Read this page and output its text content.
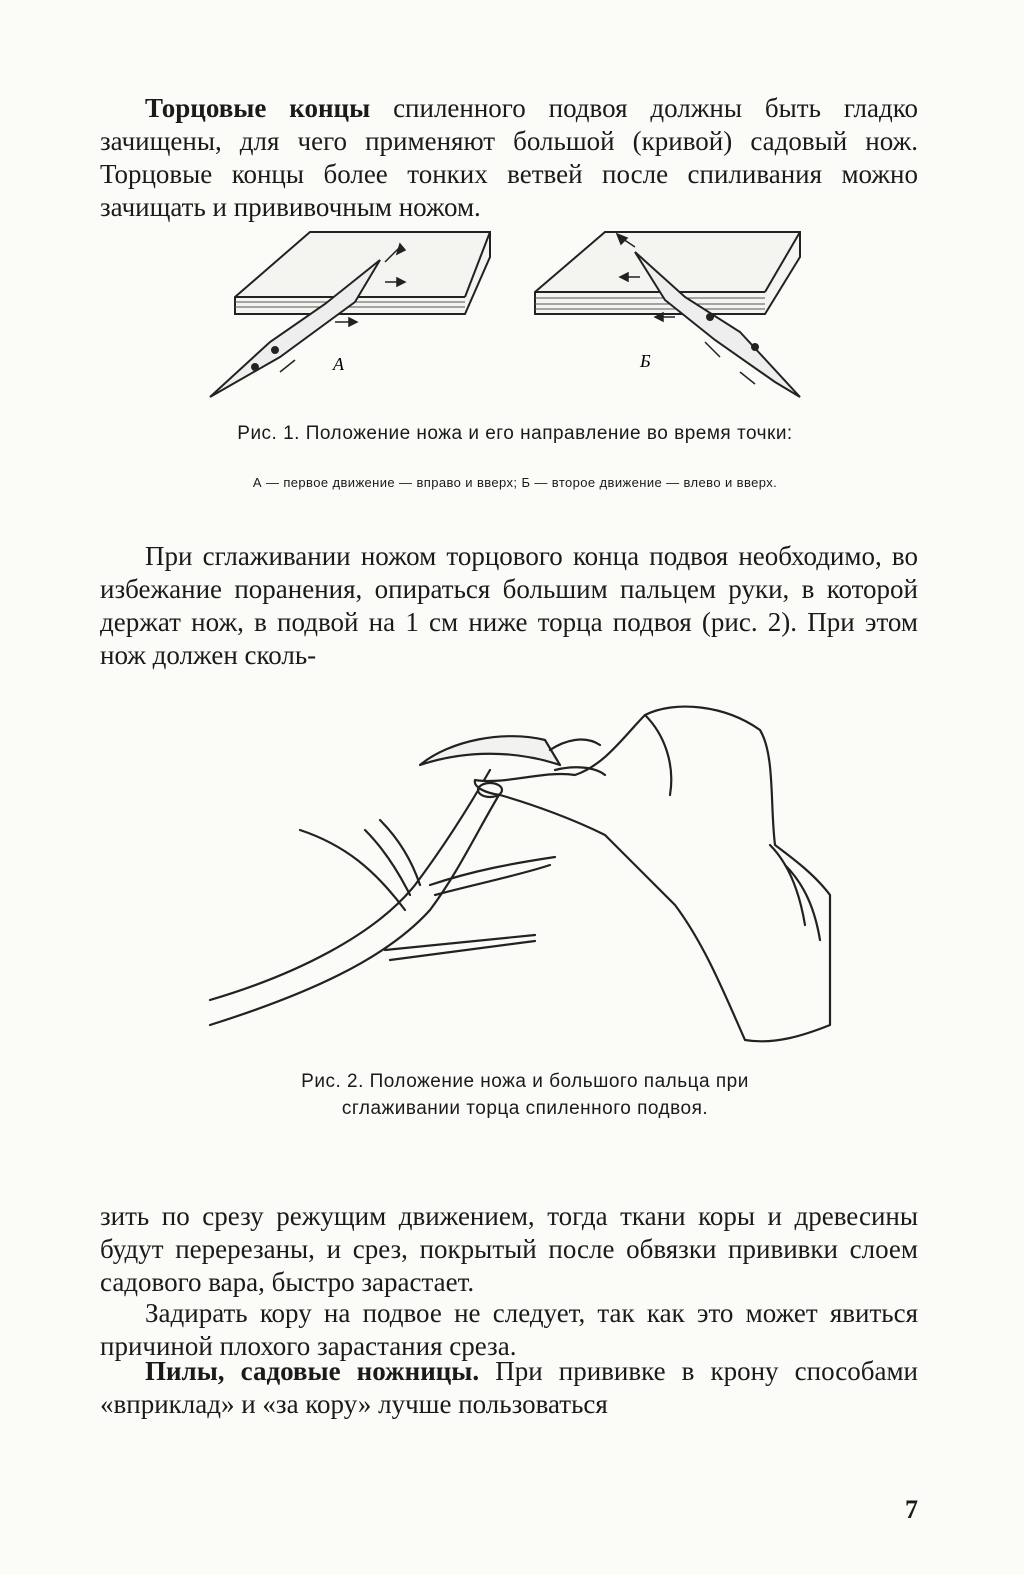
Торцовые концы спиленного подвоя должны быть гладко зачищены, для чего применяют большой (кривой) садовый нож. Торцовые концы более тонких ветвей после спиливания можно зачищать и прививочным ножом.
А	Б
Рис. 1. Положение ножа и его направление во время точки:
А — первое движение — вправо и вверх; Б — второе движение — влево и вверх.
При сглаживании ножом торцового конца подвоя необходимо, во избежание поранения, опираться большим пальцем руки, в которой держат нож, в подвой на 1 см ниже торца подвоя (рис. 2). При этом нож должен сколь-
Рис. 2. Положение ножа и большого пальца при сглаживании торца спиленного подвоя.
зить по срезу режущим движением, тогда ткани коры и древесины будут перерезаны, и срез, покрытый после обвязки прививки слоем садового вара, быстро зарастает.
Задирать кору на подвое не следует, так как это может явиться причиной плохого зарастания среза.
Пилы, садовые ножницы. При прививке в крону способами «вприклад» и «за кору» лучше пользоваться
7
